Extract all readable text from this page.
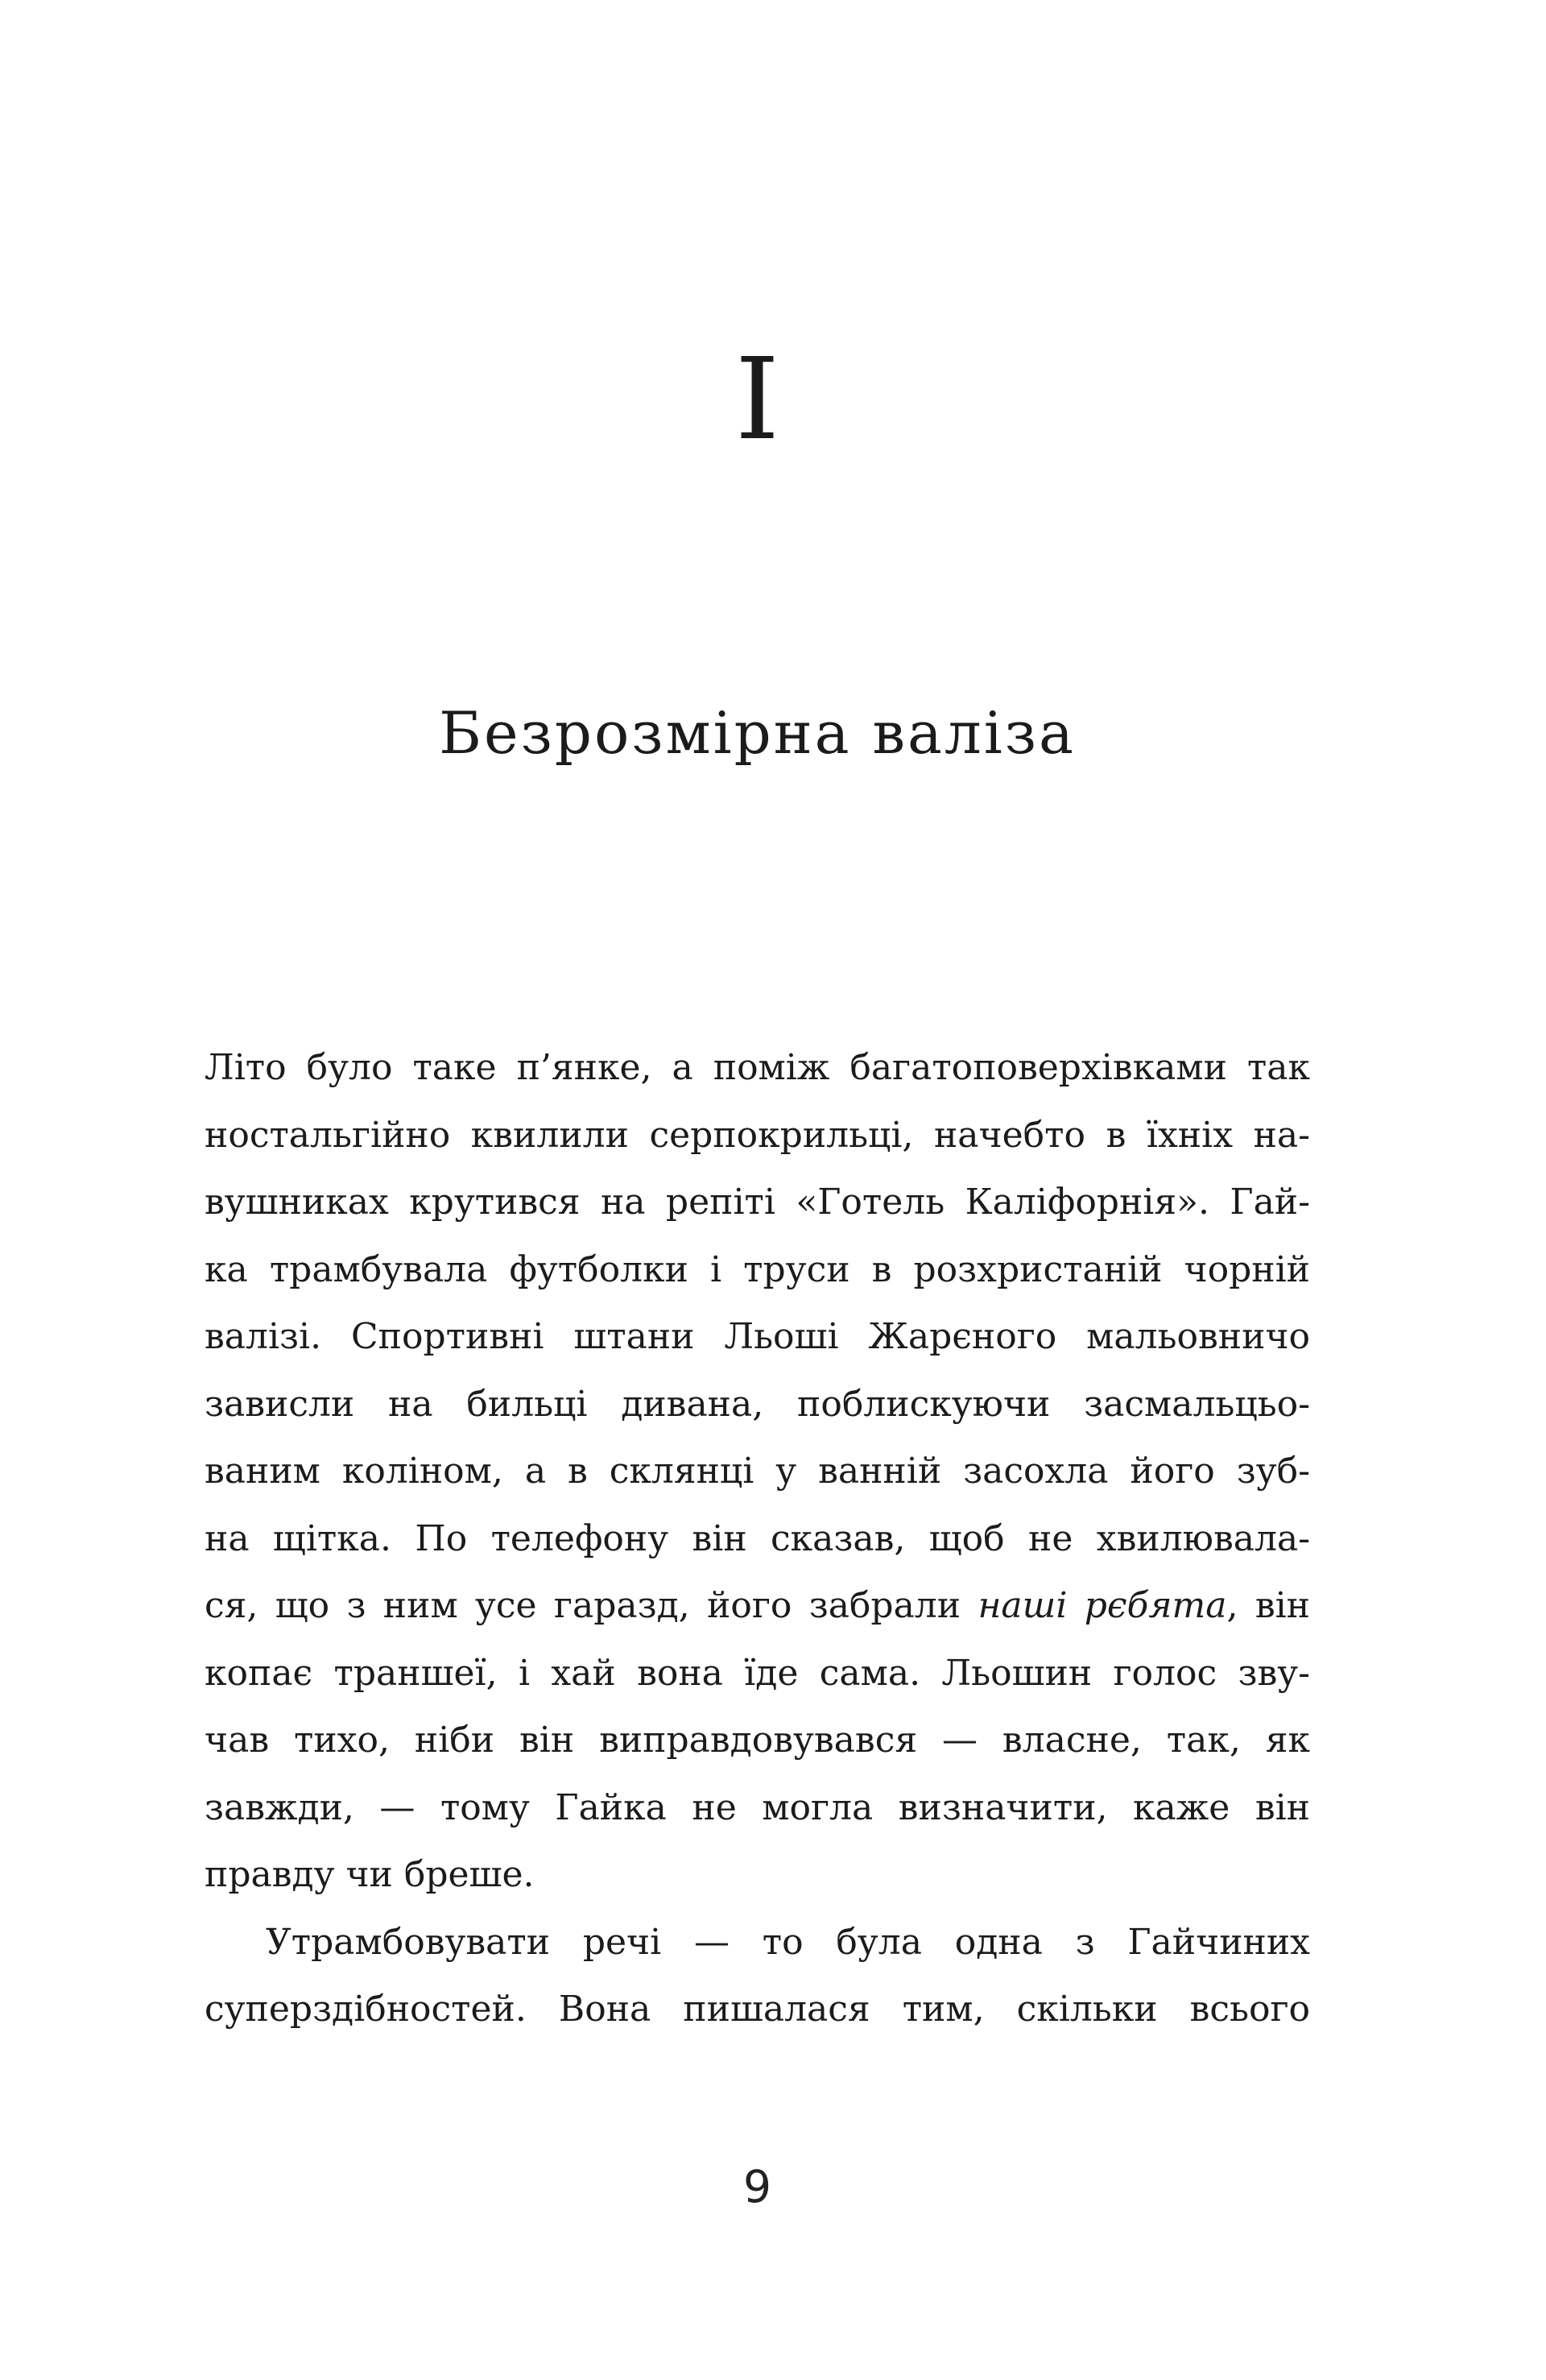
I
Безрозмірна валіза
Літо було таке п’янке, а поміж багатоповерхівками так
ностальгійно квилили серпокрильці, начебто в їхніх на-
вушниках крутився на репіті «Готель Каліфорнія». Гай-
ка трамбувала футболки і труси в розхристаній чорній
валізі. Спортивні штани Льоші Жарєного мальовничо
зависли на бильці дивана, поблискуючи засмальцьо-
ваним коліном, а в склянці у ванній засохла його зуб-
на щітка. По телефону він сказав, щоб не хвилювала-
ся, що з ним усе гаразд, його забрали наші рєбята, він
копає траншеї, і хай вона їде сама. Льошин голос зву-
чав тихо, ніби він виправдовувався — власне, так, як
завжди, — тому Гайка не могла визначити, каже він
правду чи бреше.
Утрамбовувати речі — то була одна з Гайчиних
суперздібностей. Вона пишалася тим, скільки всього
9
